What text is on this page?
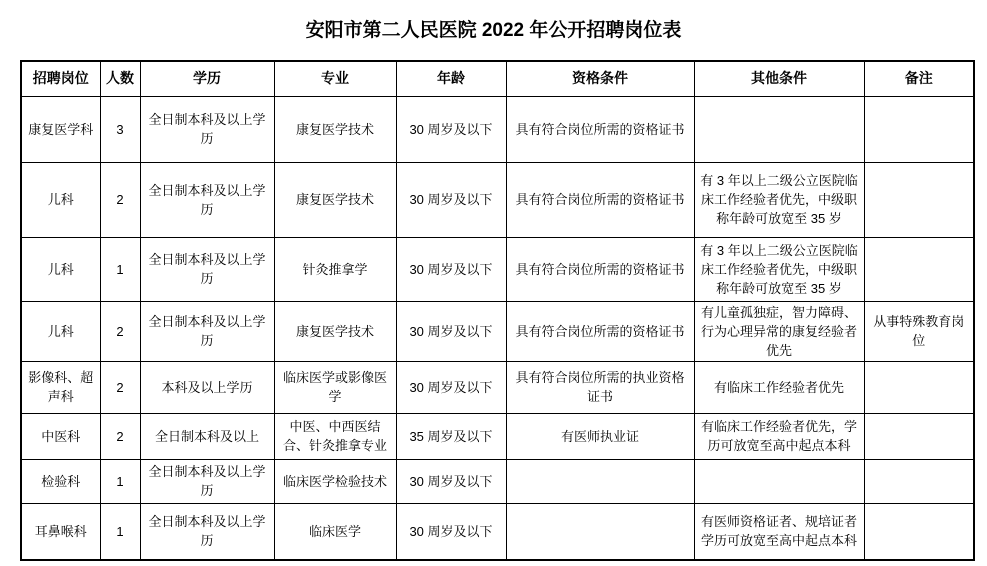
安阳市第二人民医院 2022 年公开招聘岗位表
招聘岗位	人数	学历	专业	年龄	资格条件	其他条件	备注
康复医学科	3	全日制本科及以上学历	康复医学技术	30 周岁及以下	具有符合岗位所需的资格证书		
儿科	2	全日制本科及以上学历	康复医学技术	30 周岁及以下	具有符合岗位所需的资格证书	有 3 年以上二级公立医院临床工作经验者优先，中级职称年龄可放宽至 35 岁	
儿科	1	全日制本科及以上学历	针灸推拿学	30 周岁及以下	具有符合岗位所需的资格证书	有 3 年以上二级公立医院临床工作经验者优先，中级职称年龄可放宽至 35 岁	
儿科	2	全日制本科及以上学历	康复医学技术	30 周岁及以下	具有符合岗位所需的资格证书	有儿童孤独症，智力障碍、行为心理异常的康复经验者优先	从事特殊教育岗位
影像科、超声科	2	本科及以上学历	临床医学或影像医学	30 周岁及以下	具有符合岗位所需的执业资格证书	有临床工作经验者优先	
中医科	2	全日制本科及以上	中医、中西医结合、针灸推拿专业	35 周岁及以下	有医师执业证	有临床工作经验者优先，学历可放宽至高中起点本科	
检验科	1	全日制本科及以上学历	临床医学检验技术	30 周岁及以下			
耳鼻喉科	1	全日制本科及以上学历	临床医学	30 周岁及以下		有医师资格证者、规培证者学历可放宽至高中起点本科	
